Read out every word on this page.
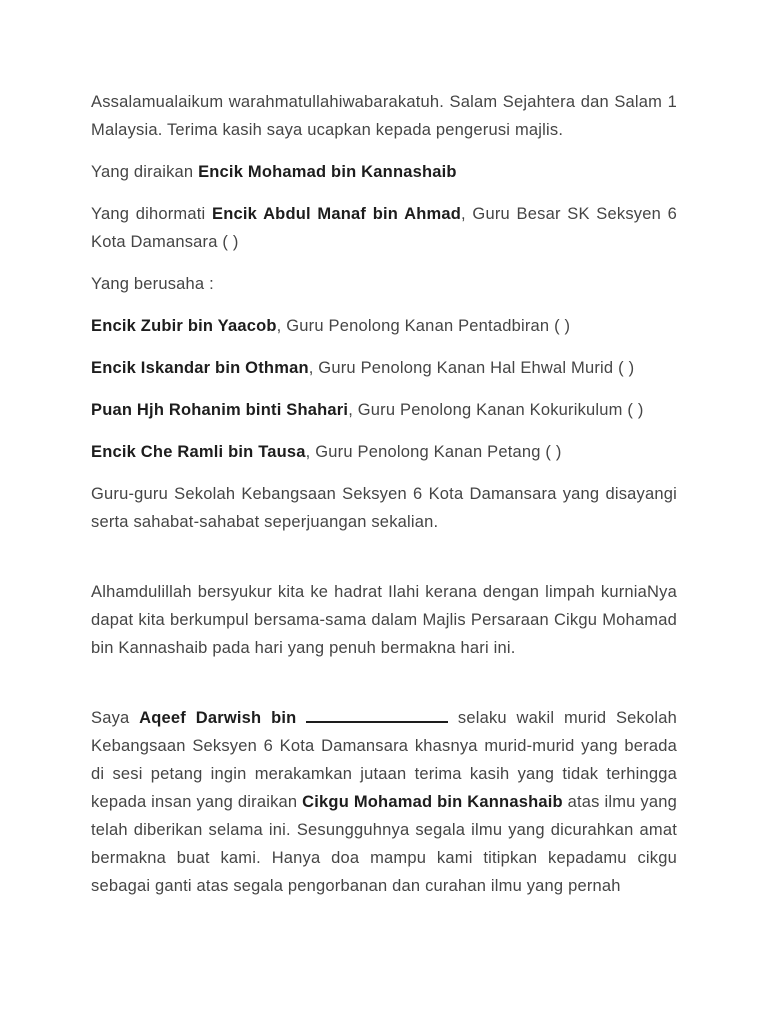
Assalamualaikum warahmatullahiwabarakatuh. Salam Sejahtera dan Salam 1 Malaysia. Terima kasih saya ucapkan kepada pengerusi majlis.

Yang diraikan Encik Mohamad bin Kannashaib

Yang dihormati Encik Abdul Manaf bin Ahmad, Guru Besar SK Seksyen 6 Kota Damansara ( )

Yang berusaha :

Encik Zubir bin Yaacob, Guru Penolong Kanan Pentadbiran ( )

Encik Iskandar bin Othman, Guru Penolong Kanan Hal Ehwal Murid ( )

Puan Hjh Rohanim binti Shahari, Guru Penolong Kanan Kokurikulum ( )

Encik Che Ramli bin Tausa, Guru Penolong Kanan Petang ( )

Guru-guru Sekolah Kebangsaan Seksyen 6 Kota Damansara yang disayangi serta sahabat-sahabat seperjuangan sekalian.

Alhamdulillah bersyukur kita ke hadrat Ilahi kerana dengan limpah kurniaNya dapat kita berkumpul bersama-sama dalam Majlis Persaraan Cikgu Mohamad bin Kannashaib pada hari yang penuh bermakna hari ini.

Saya Aqeef Darwish bin	selaku wakil murid Sekolah Kebangsaan Seksyen 6 Kota Damansara khasnya murid-murid yang berada di sesi petang ingin merakamkan jutaan terima kasih yang tidak terhingga kepada insan yang diraikan Cikgu Mohamad bin Kannashaib atas ilmu yang telah diberikan selama ini. Sesungguhnya segala ilmu yang dicurahkan amat bermakna buat kami. Hanya doa mampu kami titipkan kepadamu cikgu sebagai ganti atas segala pengorbanan dan curahan ilmu yang pernah
